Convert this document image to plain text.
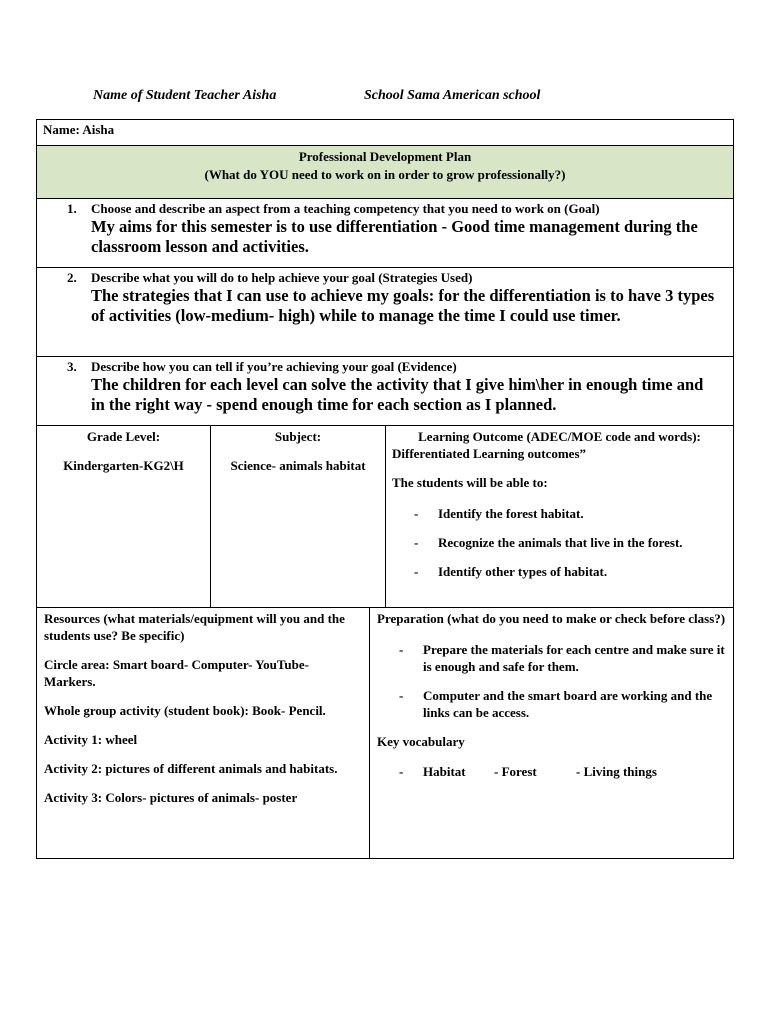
Name of Student Teacher Aisha	School Sama American school
Name: Aisha
Professional Development Plan
(What do YOU need to work on in order to grow professionally?)
1. Choose and describe an aspect from a teaching competency that you need to work on (Goal)
My aims for this semester is to use differentiation - Good time management during the classroom lesson and activities.
2. Describe what you will do to help achieve your goal (Strategies Used)
The strategies that I can use to achieve my goals: for the differentiation is to have 3 types of activities (low-medium- high) while to manage the time I could use timer.
3. Describe how you can tell if you’re achieving your goal (Evidence)
The children for each level can solve the activity that I give him\her in enough time and in the right way - spend enough time for each section as I planned.

Grade Level:

Kindergarten-KG2\H

Subject:

Science- animals habitat

Learning Outcome (ADEC/MOE code and words):

Differentiated Learning outcomes”

The students will be able to:

- Identify the forest habitat.
- Recognize the animals that live in the forest.
- Identify other types of habitat.

Resources (what materials/equipment will you and the students use? Be specific)

Circle area: Smart board- Computer- YouTube- Markers.

Whole group activity (student book): Book- Pencil.

Activity 1: wheel

Activity 2: pictures of different animals and habitats.

Activity 3: Colors- pictures of animals- poster

Preparation (what do you need to make or check before class?)

- Prepare the materials for each centre and make sure it is enough and safe for them.
- Computer and the smart board are working and the links can be access.

Key vocabulary

-	Habitat	- Forest	- Living things
